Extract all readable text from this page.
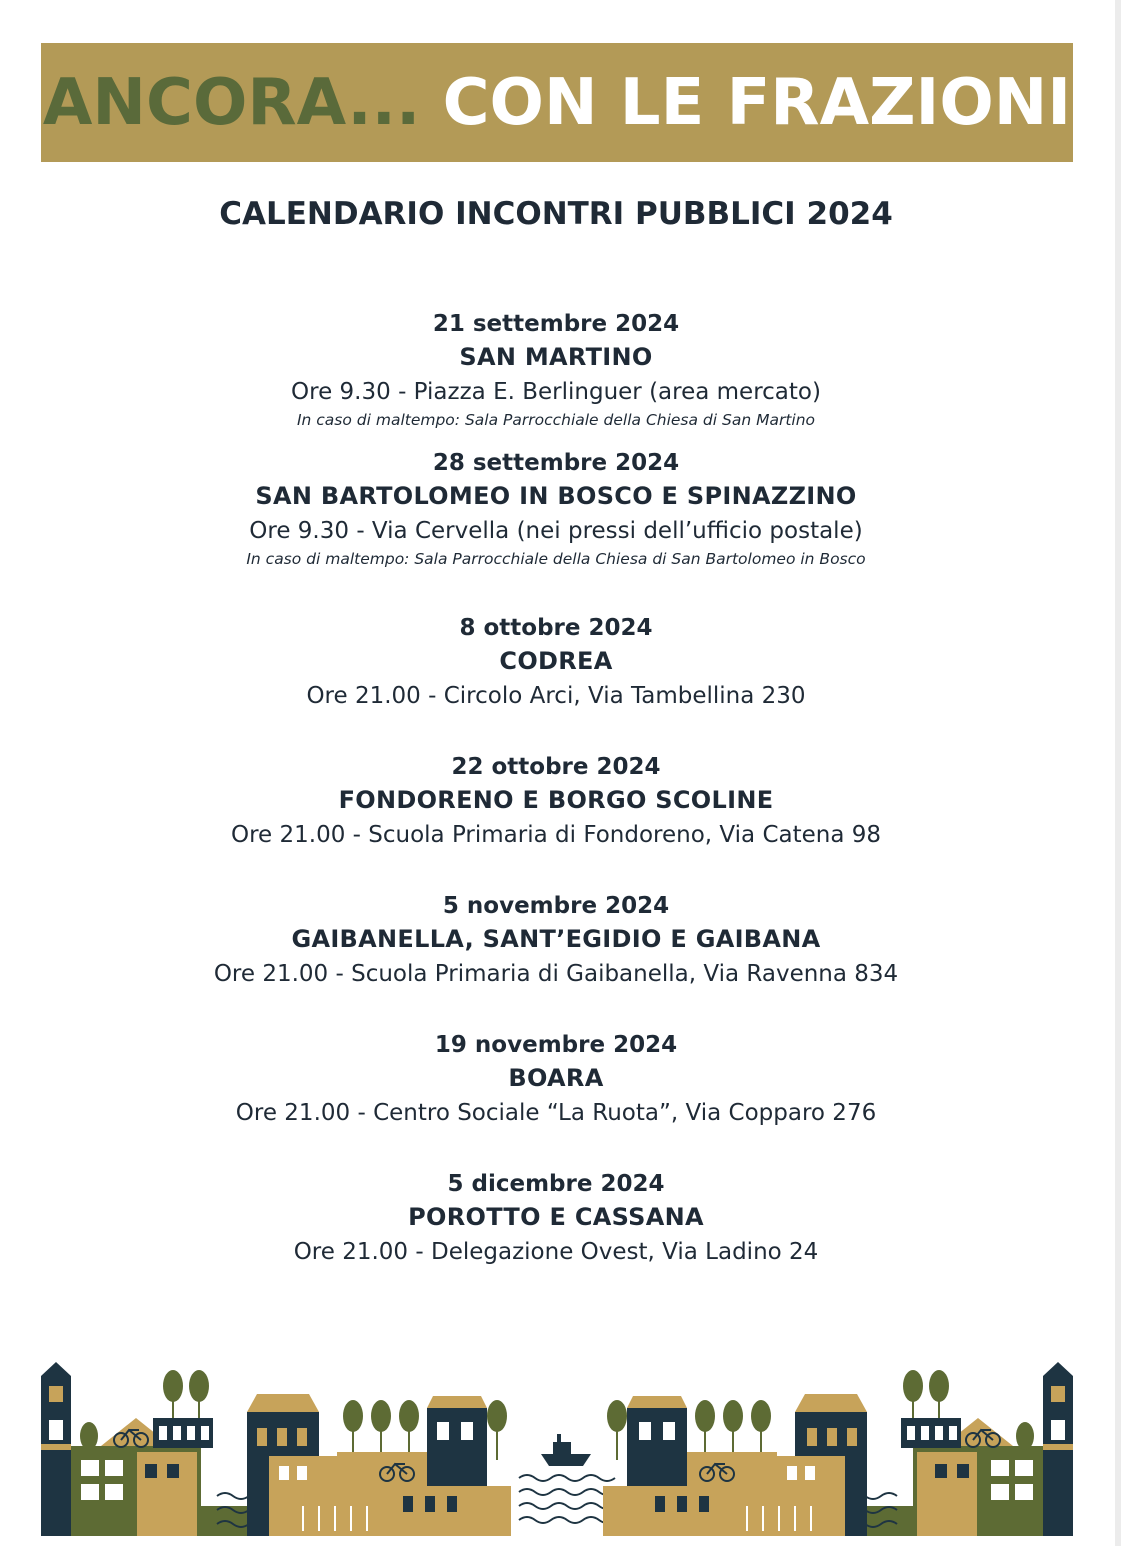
ANCORA... CON LE FRAZIONI
CALENDARIO INCONTRI PUBBLICI 2024
21 settembre 2024
SAN MARTINO
Ore 9.30 - Piazza E. Berlinguer (area mercato)
In caso di maltempo: Sala Parrocchiale della Chiesa di San Martino
28 settembre 2024
SAN BARTOLOMEO IN BOSCO E SPINAZZINO
Ore 9.30 - Via Cervella (nei pressi dell’ufficio postale)
In caso di maltempo: Sala Parrocchiale della Chiesa di San Bartolomeo in Bosco
8 ottobre 2024
CODREA
Ore 21.00 - Circolo Arci, Via Tambellina 230
22 ottobre 2024
FONDORENO E BORGO SCOLINE
Ore 21.00 - Scuola Primaria di Fondoreno, Via Catena 98
5 novembre 2024
GAIBANELLA, SANT’EGIDIO E GAIBANA
Ore 21.00 - Scuola Primaria di Gaibanella, Via Ravenna 834
19 novembre 2024
BOARA
Ore 21.00 - Centro Sociale “La Ruota”, Via Copparo 276
5 dicembre 2024
POROTTO E CASSANA
Ore 21.00 - Delegazione Ovest, Via Ladino 24
